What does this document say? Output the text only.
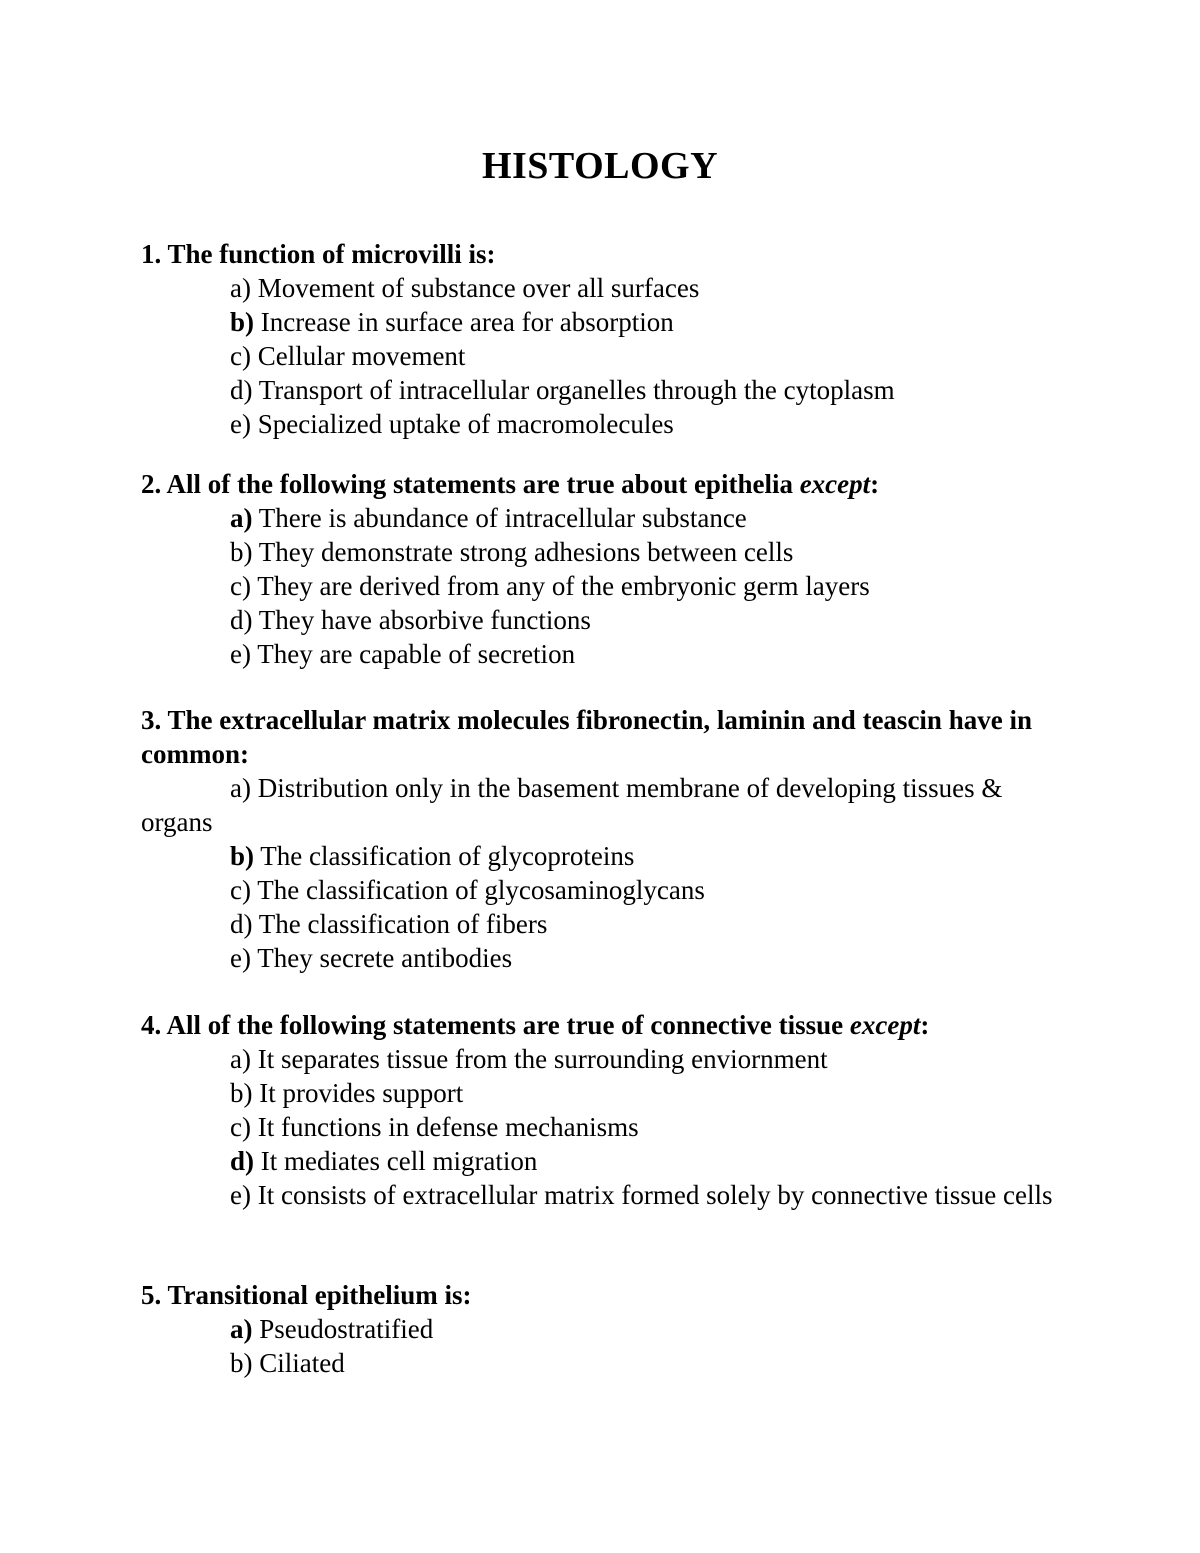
HISTOLOGY
1. The function of microvilli is:
a) Movement of substance over all surfaces
b) Increase in surface area for absorption
c) Cellular movement
d) Transport of intracellular organelles through the cytoplasm
e) Specialized uptake of macromolecules
2. All of the following statements are true about epithelia except:
a) There is abundance of intracellular substance
b) They demonstrate strong adhesions between cells
c) They are derived from any of the embryonic germ layers
d) They have absorbive functions
e) They are capable of secretion
3. The extracellular matrix molecules fibronectin, laminin and teascin have in common:
a) Distribution only in the basement membrane of developing tissues & organs
b) The classification of glycoproteins
c) The classification of glycosaminoglycans
d) The classification of fibers
e) They secrete antibodies
4. All of the following statements are true of connective tissue except:
a) It separates tissue from the surrounding enviornment
b) It provides support
c) It functions in defense mechanisms
d) It mediates cell migration
e) It consists of extracellular matrix formed solely by connective tissue cells
5. Transitional epithelium is:
a) Pseudostratified
b) Ciliated
